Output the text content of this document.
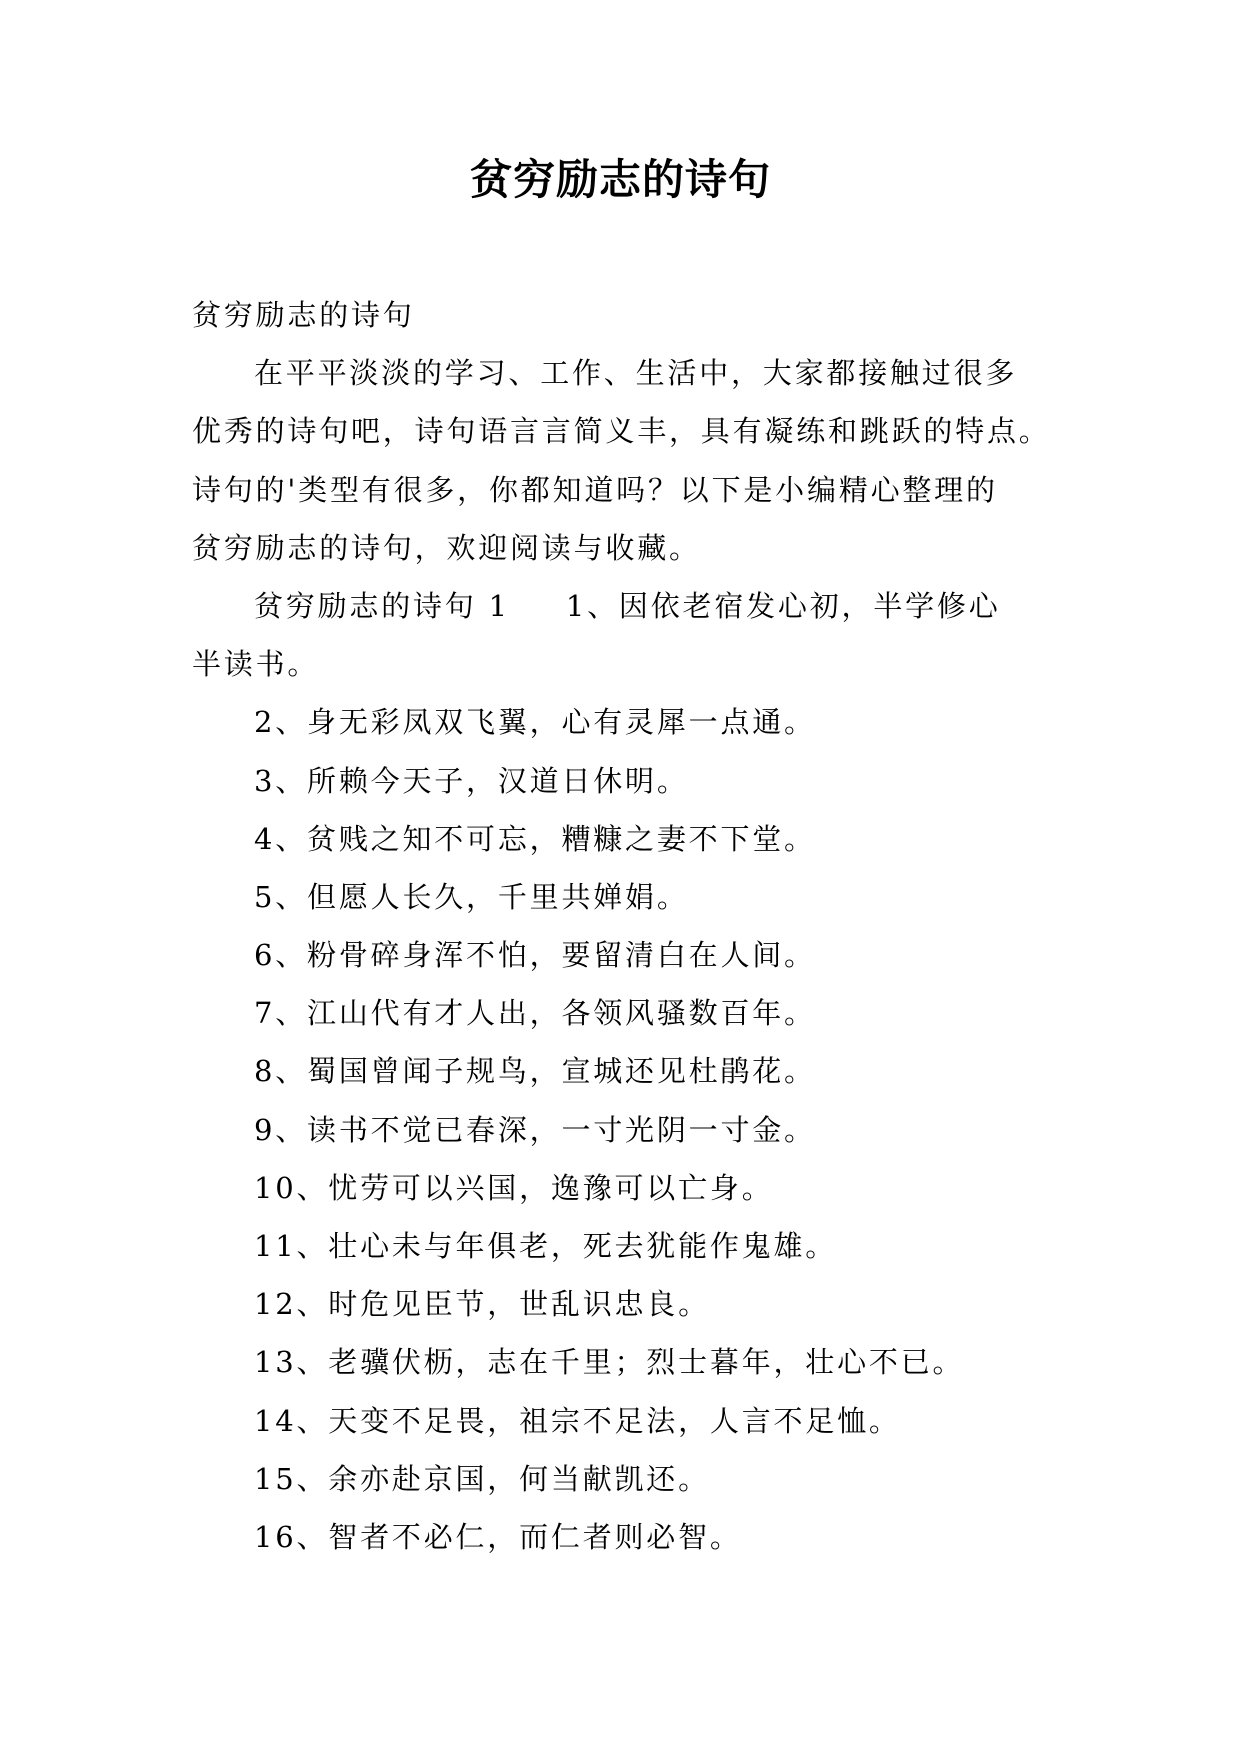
贫穷励志的诗句
贫穷励志的诗句
在平平淡淡的学习、工作、生活中，大家都接触过很多
优秀的诗句吧，诗句语言言简义丰，具有凝练和跳跃的特点。
诗句的'类型有很多，你都知道吗？以下是小编精心整理的
贫穷励志的诗句，欢迎阅读与收藏。
贫穷励志的诗句 1 1、因依老宿发心初，半学修心
半读书。
2、身无彩凤双飞翼，心有灵犀一点通。
3、所赖今天子，汉道日休明。
4、贫贱之知不可忘，糟糠之妻不下堂。
5、但愿人长久，千里共婵娟。
6、粉骨碎身浑不怕，要留清白在人间。
7、江山代有才人出，各领风骚数百年。
8、蜀国曾闻子规鸟，宣城还见杜鹃花。
9、读书不觉已春深，一寸光阴一寸金。
10、忧劳可以兴国，逸豫可以亡身。
11、壮心未与年俱老，死去犹能作鬼雄。
12、时危见臣节，世乱识忠良。
13、老骥伏枥，志在千里；烈士暮年，壮心不已。
14、天变不足畏，祖宗不足法，人言不足恤。
15、余亦赴京国，何当献凯还。
16、智者不必仁，而仁者则必智。
